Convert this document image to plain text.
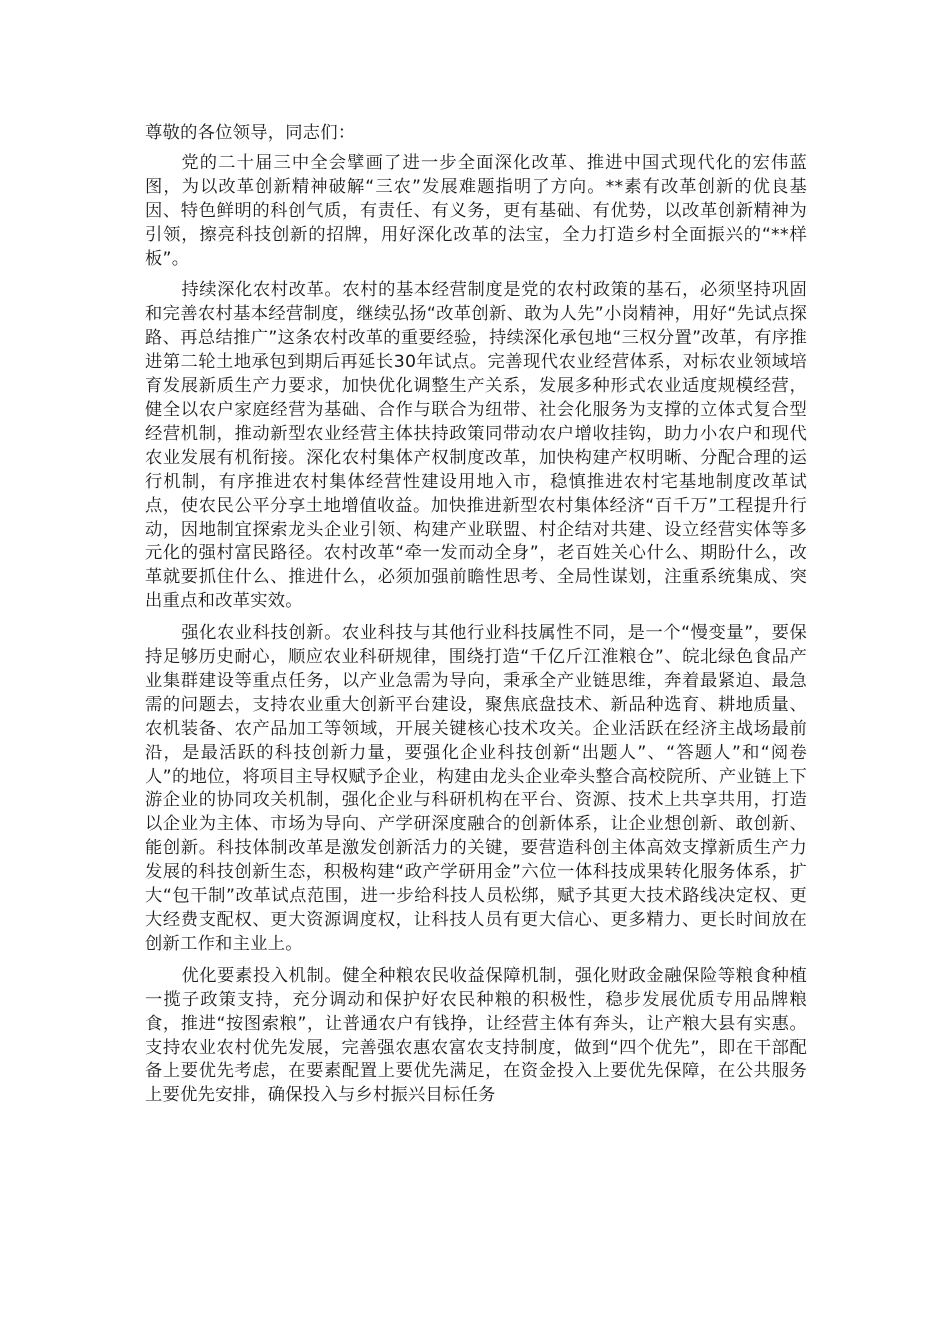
尊敬的各位领导，同志们：

党的二十届三中全会擘画了进一步全面深化改革、推进中国式现代化的宏伟蓝图，为以改革创新精神破解“三农”发展难题指明了方向。**素有改革创新的优良基因、特色鲜明的科创气质，有责任、有义务，更有基础、有优势，以改革创新精神为引领，擦亮科技创新的招牌，用好深化改革的法宝，全力打造乡村全面振兴的“**样板”。

持续深化农村改革。农村的基本经营制度是党的农村政策的基石，必须坚持巩固和完善农村基本经营制度，继续弘扬“改革创新、敢为人先”小岗精神，用好“先试点探路、再总结推广”这条农村改革的重要经验，持续深化承包地“三权分置”改革，有序推进第二轮土地承包到期后再延长30年试点。完善现代农业经营体系，对标农业领域培育发展新质生产力要求，加快优化调整生产关系，发展多种形式农业适度规模经营，健全以农户家庭经营为基础、合作与联合为纽带、社会化服务为支撑的立体式复合型经营机制，推动新型农业经营主体扶持政策同带动农户增收挂钩，助力小农户和现代农业发展有机衔接。深化农村集体产权制度改革，加快构建产权明晰、分配合理的运行机制，有序推进农村集体经营性建设用地入市，稳慎推进农村宅基地制度改革试点，使农民公平分享土地增值收益。加快推进新型农村集体经济“百千万”工程提升行动，因地制宜探索龙头企业引领、构建产业联盟、村企结对共建、设立经营实体等多元化的强村富民路径。农村改革“牵一发而动全身”，老百姓关心什么、期盼什么，改革就要抓住什么、推进什么，必须加强前瞻性思考、全局性谋划，注重系统集成、突出重点和改革实效。

强化农业科技创新。农业科技与其他行业科技属性不同，是一个“慢变量”，要保持足够历史耐心，顺应农业科研规律，围绕打造“千亿斤江淮粮仓”、皖北绿色食品产业集群建设等重点任务，以产业急需为导向，秉承全产业链思维，奔着最紧迫、最急需的问题去，支持农业重大创新平台建设，聚焦底盘技术、新品种选育、耕地质量、农机装备、农产品加工等领域，开展关键核心技术攻关。企业活跃在经济主战场最前沿，是最活跃的科技创新力量，要强化企业科技创新“出题人”、“答题人”和“阅卷人”的地位，将项目主导权赋予企业，构建由龙头企业牵头整合高校院所、产业链上下游企业的协同攻关机制，强化企业与科研机构在平台、资源、技术上共享共用，打造以企业为主体、市场为导向、产学研深度融合的创新体系，让企业想创新、敢创新、能创新。科技体制改革是激发创新活力的关键，要营造科创主体高效支撑新质生产力发展的科技创新生态，积极构建“政产学研用金”六位一体科技成果转化服务体系，扩大“包干制”改革试点范围，进一步给科技人员松绑，赋予其更大技术路线决定权、更大经费支配权、更大资源调度权，让科技人员有更大信心、更多精力、更长时间放在创新工作和主业上。

优化要素投入机制。健全种粮农民收益保障机制，强化财政金融保险等粮食种植一揽子政策支持，充分调动和保护好农民种粮的积极性，稳步发展优质专用品牌粮食，推进“按图索粮”，让普通农户有钱挣，让经营主体有奔头，让产粮大县有实惠。支持农业农村优先发展，完善强农惠农富农支持制度，做到“四个优先”，即在干部配备上要优先考虑，在要素配置上要优先满足，在资金投入上要优先保障，在公共服务上要优先安排，确保投入与乡村振兴目标任务
